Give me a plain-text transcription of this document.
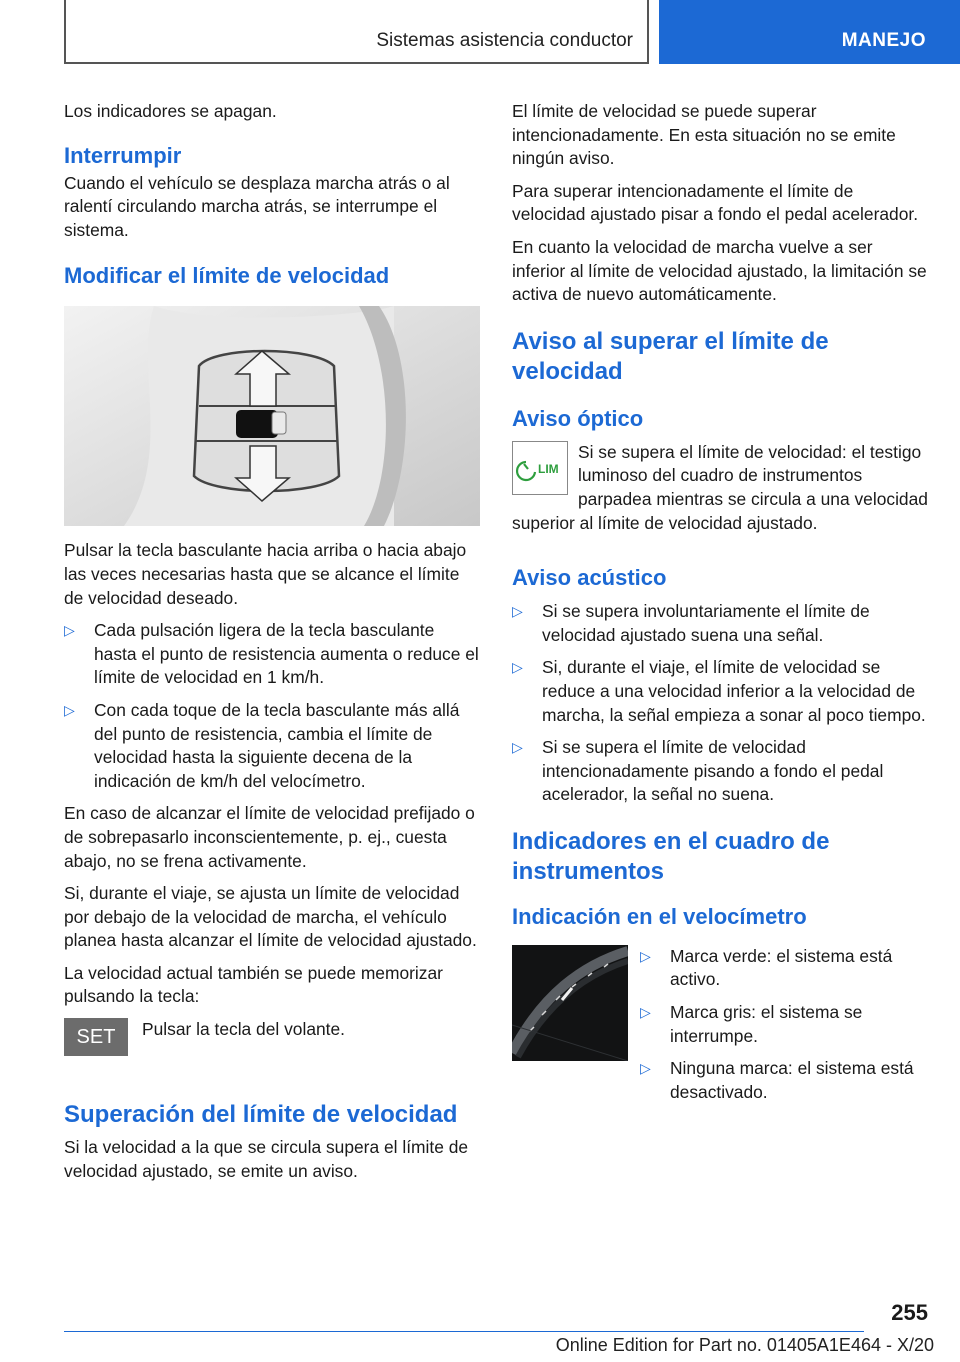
Sistemas asistencia conductor	MANEJO

Los indicadores se apagan.

Interrumpir

Cuando el vehículo se desplaza marcha atrás o al ralentí circulando marcha atrás, se interrumpe el sistema.

Modificar el límite de velocidad

Pulsar la tecla basculante hacia arriba o hacia abajo las veces necesarias hasta que se alcance el límite de velocidad deseado.

▷ Cada pulsación ligera de la tecla basculante hasta el punto de resistencia aumenta o reduce el límite de velocidad en 1 km/h.
▷ Con cada toque de la tecla basculante más allá del punto de resistencia, cambia el límite de velocidad hasta la siguiente decena de la indicación de km/h del velocímetro.

En caso de alcanzar el límite de velocidad prefijado o de sobrepasarlo inconscientemente, p. ej., cuesta abajo, no se frena activamente.

Si, durante el viaje, se ajusta un límite de velocidad por debajo de la velocidad de marcha, el vehículo planea hasta alcanzar el límite de velocidad ajustado.

La velocidad actual también se puede memorizar pulsando la tecla:

SET	Pulsar la tecla del volante.

Superación del límite de velocidad

Si la velocidad a la que se circula supera el límite de velocidad ajustado, se emite un aviso.

El límite de velocidad se puede superar intencionadamente. En esta situación no se emite ningún aviso.

Para superar intencionadamente el límite de velocidad ajustado pisar a fondo el pedal acelerador.

En cuanto la velocidad de marcha vuelve a ser inferior al límite de velocidad ajustado, la limitación se activa de nuevo automáticamente.

Aviso al superar el límite de velocidad
Aviso óptico
LIM

Si se supera el límite de velocidad: el testigo luminoso del cuadro de instrumentos parpadea mientras se circula a una velocidad superior al límite de velocidad ajustado.

Aviso acústico
▷ Si se supera involuntariamente el límite de velocidad ajustado suena una señal.
▷ Si, durante el viaje, el límite de velocidad se reduce a una velocidad inferior a la velocidad de marcha, la señal empieza a sonar al poco tiempo.
▷ Si se supera el límite de velocidad intencionadamente pisando a fondo el pedal acelerador, la señal no suena.
Indicadores en el cuadro de instrumentos
Indicación en el velocímetro
▷ Marca verde: el sistema está activo.
▷ Marca gris: el sistema se interrumpe.
▷ Ninguna marca: el sistema está desactivado.
255
Online Edition for Part no. 01405A1E464 - X/20
